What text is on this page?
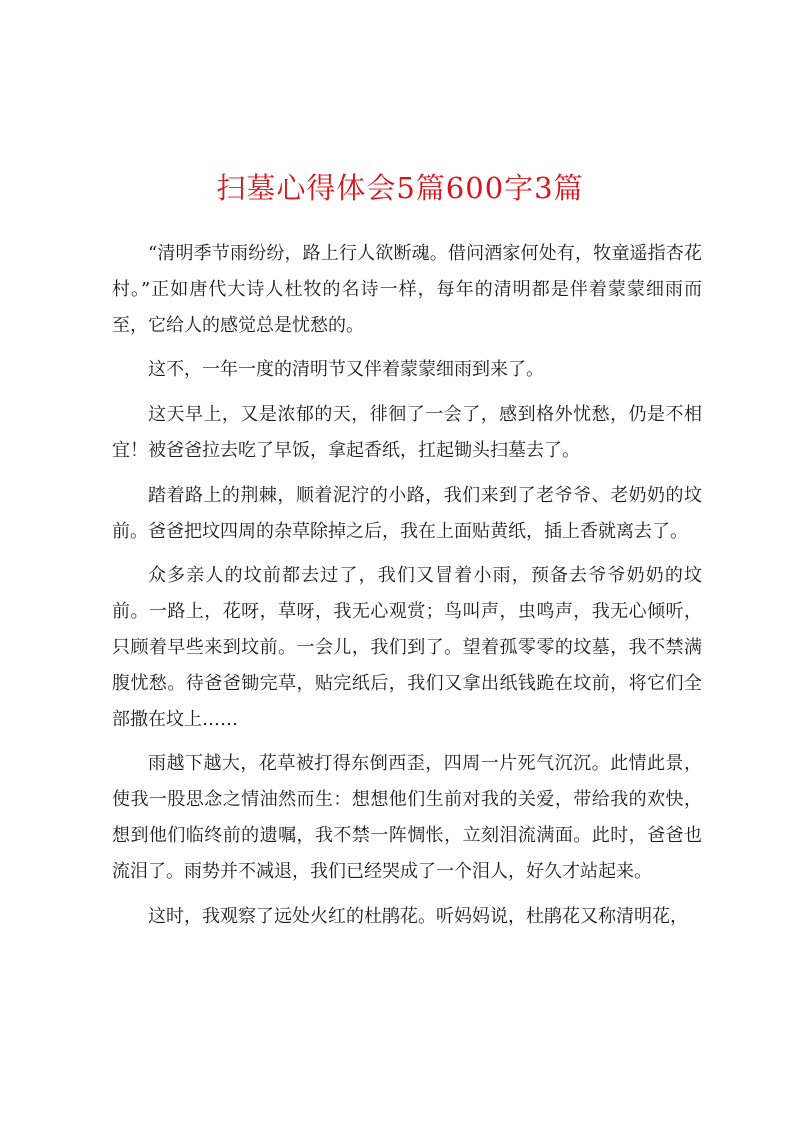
扫墓心得体会5篇600字3篇

“清明季节雨纷纷，路上行人欲断魂。借问酒家何处有，牧童遥指杏花村。”正如唐代大诗人杜牧的名诗一样，每年的清明都是伴着蒙蒙细雨而至，它给人的感觉总是忧愁的。

这不，一年一度的清明节又伴着蒙蒙细雨到来了。

这天早上，又是浓郁的天，徘徊了一会了，感到格外忧愁，仍是不相宜！被爸爸拉去吃了早饭，拿起香纸，扛起锄头扫墓去了。

踏着路上的荆棘，顺着泥泞的小路，我们来到了老爷爷、老奶奶的坟前。爸爸把坟四周的杂草除掉之后，我在上面贴黄纸，插上香就离去了。

众多亲人的坟前都去过了，我们又冒着小雨，预备去爷爷奶奶的坟前。一路上，花呀，草呀，我无心观赏；鸟叫声，虫鸣声，我无心倾听，只顾着早些来到坟前。一会儿，我们到了。望着孤零零的坟墓，我不禁满腹忧愁。待爸爸锄完草，贴完纸后，我们又拿出纸钱跪在坟前，将它们全部撒在坟上……

雨越下越大，花草被打得东倒西歪，四周一片死气沉沉。此情此景，使我一股思念之情油然而生：想想他们生前对我的关爱，带给我的欢快，想到他们临终前的遗嘱，我不禁一阵惆怅，立刻泪流满面。此时，爸爸也流泪了。雨势并不减退，我们已经哭成了一个泪人，好久才站起来。

这时，我观察了远处火红的杜鹃花。听妈妈说，杜鹃花又称清明花，
